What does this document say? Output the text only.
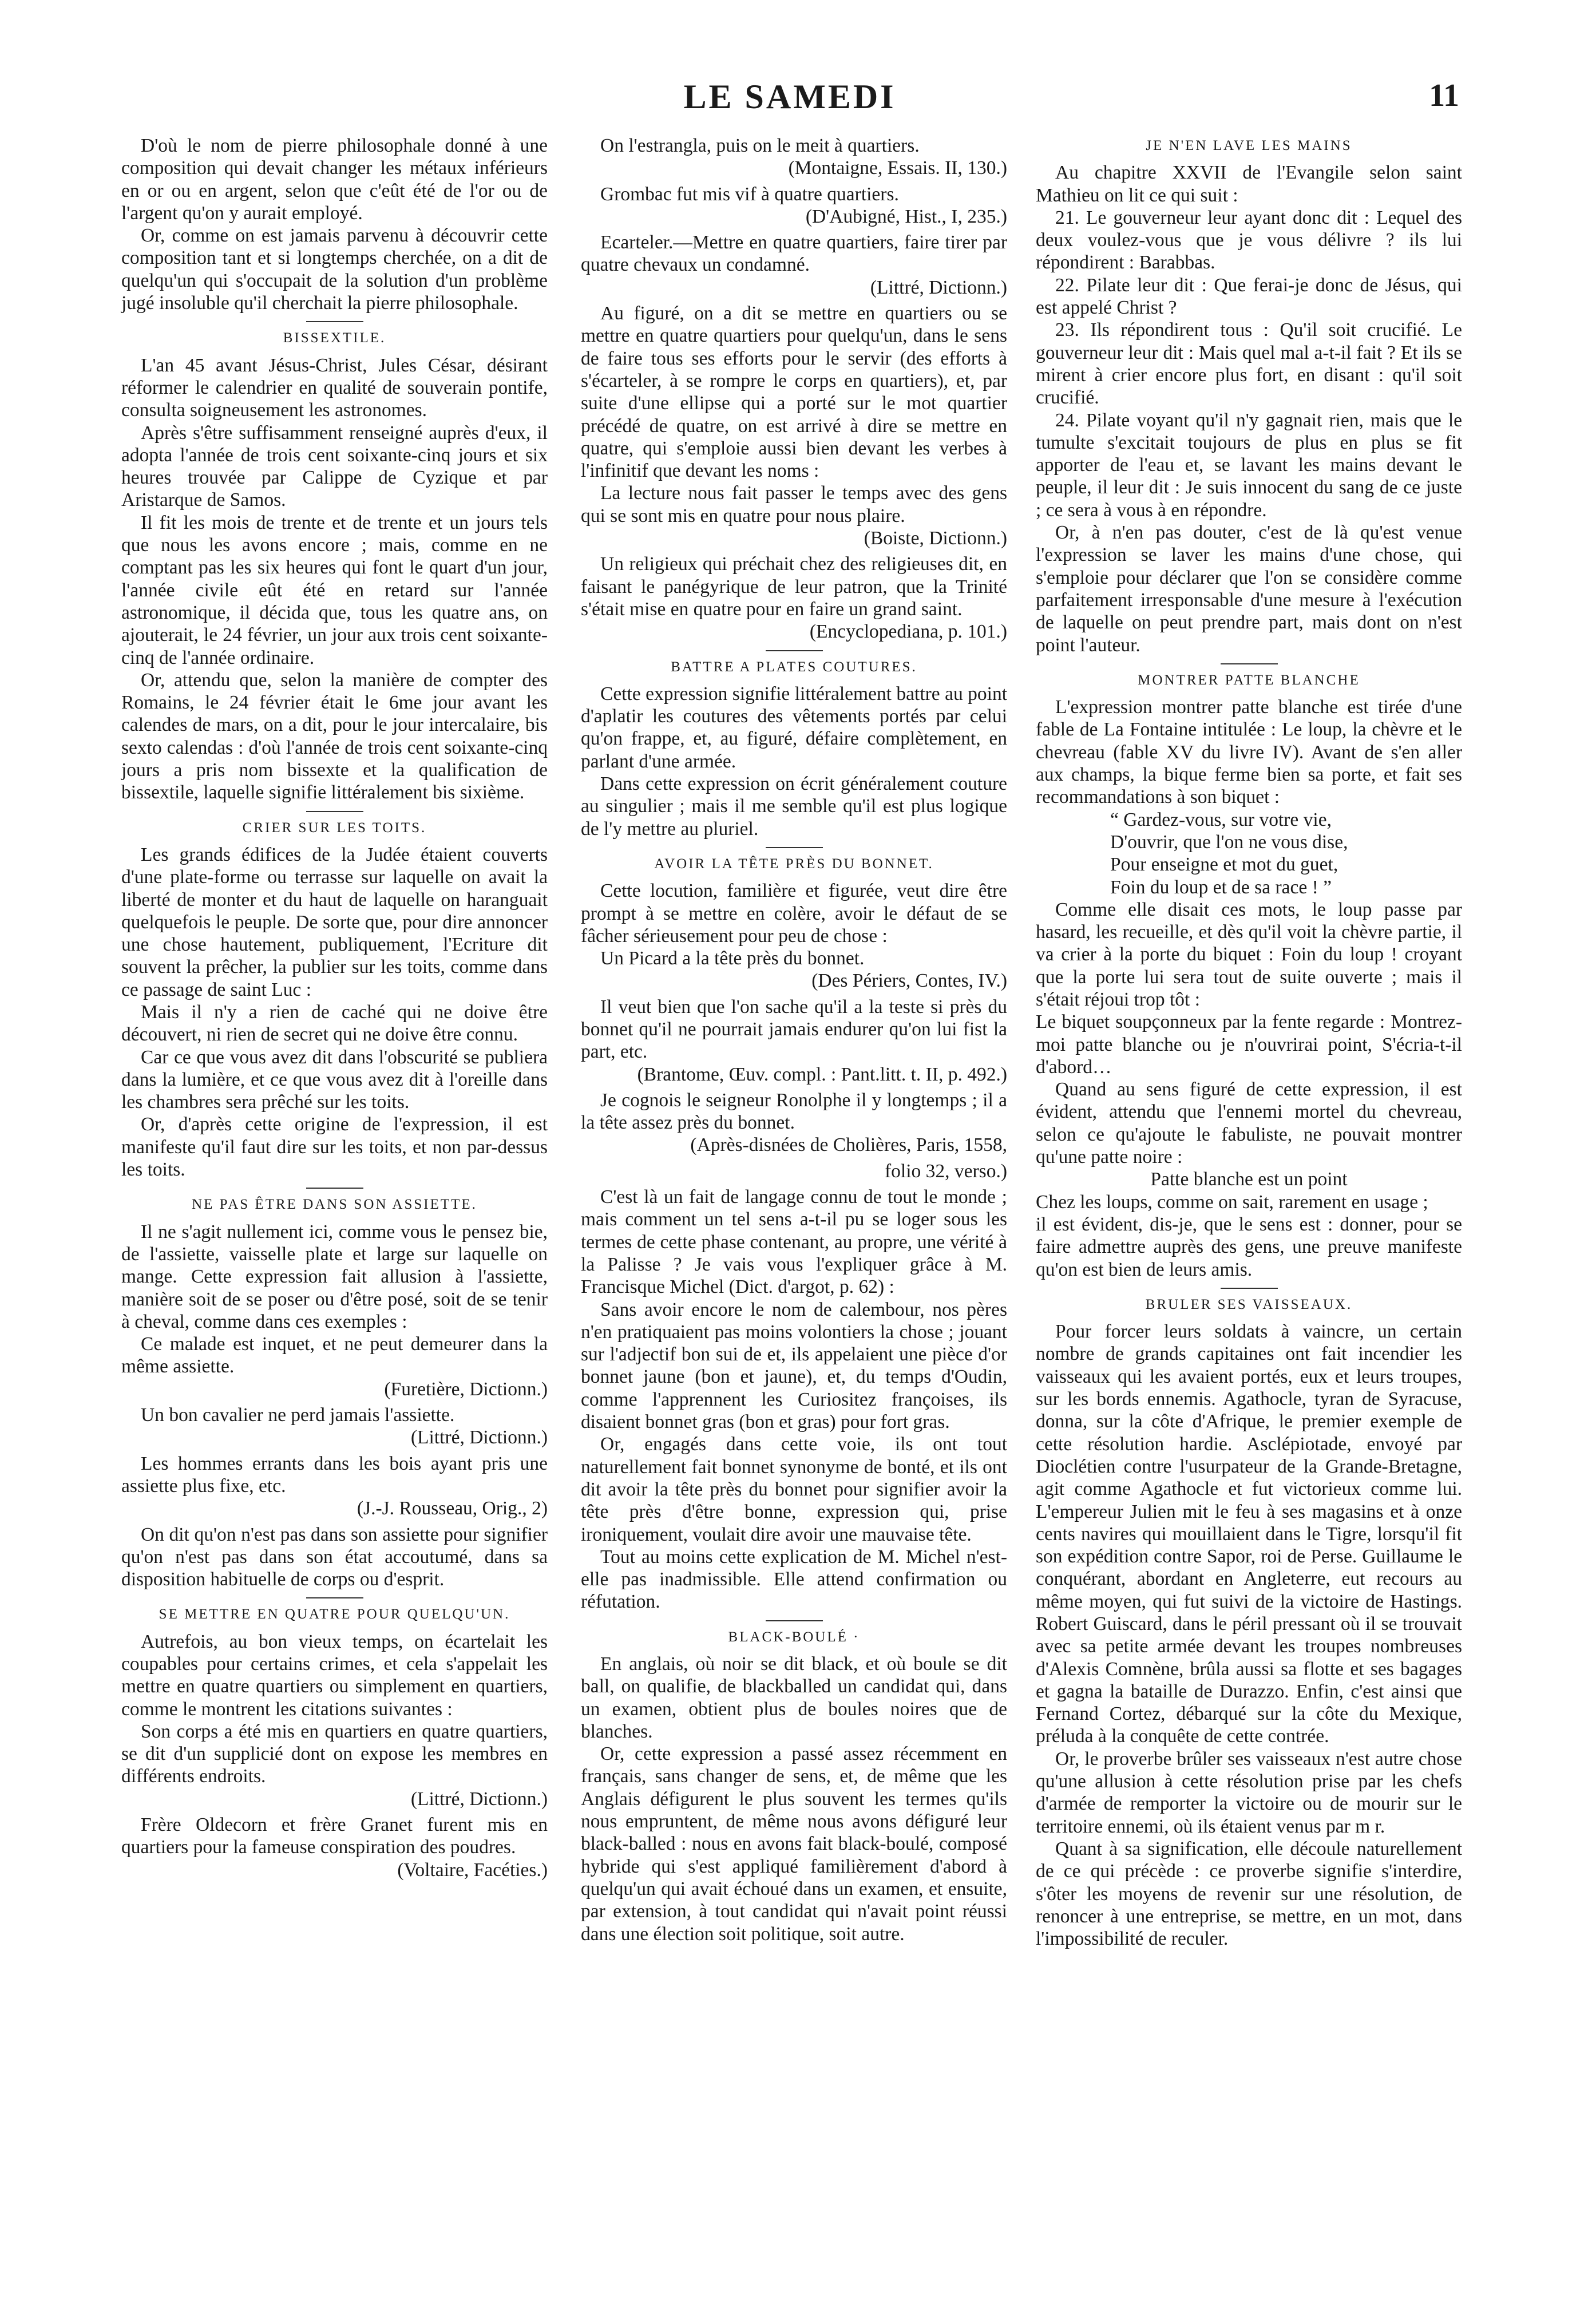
LE SAMEDI	11

D'où le nom de pierre philosophale donné à une composition qui devait changer les métaux inférieurs en or ou en argent, selon que c'eût été de l'or ou de l'argent qu'on y aurait employé.

Or, comme on est jamais parvenu à découvrir cette composition tant et si longtemps cherchée, on a dit de quelqu'un qui s'occupait de la solution d'un problème jugé insoluble qu'il cherchait la pierre philosophale.

BISSEXTILE.

L'an 45 avant Jésus-Christ, Jules César, désirant réformer le calendrier en qualité de souverain pontife, consulta soigneusement les astronomes.

Après s'être suffisamment renseigné auprès d'eux, il adopta l'année de trois cent soixante-cinq jours et six heures trouvée par Calippe de Cyzique et par Aristarque de Samos.

Il fit les mois de trente et de trente et un jours tels que nous les avons encore ; mais, comme en ne comptant pas les six heures qui font le quart d'un jour, l'année civile eût été en retard sur l'année astronomique, il décida que, tous les quatre ans, on ajouterait, le 24 février, un jour aux trois cent soixante-cinq de l'année ordinaire.

Or, attendu que, selon la manière de compter des Romains, le 24 février était le 6me jour avant les calendes de mars, on a dit, pour le jour intercalaire, bis sexto calendas : d'où l'année de trois cent soixante-cinq jours a pris nom bissexte et la qualification de bissextile, laquelle signifie littéralement bis sixième.

CRIER SUR LES TOITS.

Les grands édifices de la Judée étaient couverts d'une plate-forme ou terrasse sur laquelle on avait la liberté de monter et du haut de laquelle on haranguait quelquefois le peuple. De sorte que, pour dire annoncer une chose hautement, publiquement, l'Ecriture dit souvent la prêcher, la publier sur les toits, comme dans ce passage de saint Luc :

Mais il n'y a rien de caché qui ne doive être découvert, ni rien de secret qui ne doive être connu.

Car ce que vous avez dit dans l'obscurité se publiera dans la lumière, et ce que vous avez dit à l'oreille dans les chambres sera prêché sur les toits.

Or, d'après cette origine de l'expression, il est manifeste qu'il faut dire sur les toits, et non par-dessus les toits.

NE PAS ÊTRE DANS SON ASSIETTE.

Il ne s'agit nullement ici, comme vous le pensez bie, de l'assiette, vaisselle plate et large sur laquelle on mange. Cette expression fait allusion à l'assiette, manière soit de se poser ou d'être posé, soit de se tenir à cheval, comme dans ces exemples :

Ce malade est inquet, et ne peut demeurer dans la même assiette.

(Furetière, Dictionn.)

Un bon cavalier ne perd jamais l'assiette.

(Littré, Dictionn.)

Les hommes errants dans les bois ayant pris une assiette plus fixe, etc.

(J.-J. Rousseau, Orig., 2)

On dit qu'on n'est pas dans son assiette pour signifier qu'on n'est pas dans son état accoutumé, dans sa disposition habituelle de corps ou d'esprit.

SE METTRE EN QUATRE POUR QUELQU'UN.

Autrefois, au bon vieux temps, on écartelait les coupables pour certains crimes, et cela s'appelait les mettre en quatre quartiers ou simplement en quartiers, comme le montrent les citations suivantes :

Son corps a été mis en quartiers en quatre quartiers, se dit d'un supplicié dont on expose les membres en différents endroits.

(Littré, Dictionn.)

Frère Oldecorn et frère Granet furent mis en quartiers pour la fameuse conspiration des poudres.

(Voltaire, Facéties.)

On l'estrangla, puis on le meit à quartiers.

(Montaigne, Essais. II, 130.)

Grombac fut mis vif à quatre quartiers.

(D'Aubigné, Hist., I, 235.)

Ecarteler.—Mettre en quatre quartiers, faire tirer par quatre chevaux un condamné.

(Littré, Dictionn.)

Au figuré, on a dit se mettre en quartiers ou se mettre en quatre quartiers pour quelqu'un, dans le sens de faire tous ses efforts pour le servir (des efforts à s'écarteler, à se rompre le corps en quartiers), et, par suite d'une ellipse qui a porté sur le mot quartier précédé de quatre, on est arrivé à dire se mettre en quatre, qui s'emploie aussi bien devant les verbes à l'infinitif que devant les noms :

La lecture nous fait passer le temps avec des gens qui se sont mis en quatre pour nous plaire.

(Boiste, Dictionn.)

Un religieux qui préchait chez des religieuses dit, en faisant le panégyrique de leur patron, que la Trinité s'était mise en quatre pour en faire un grand saint.

(Encyclopediana, p. 101.)

BATTRE A PLATES COUTURES.

Cette expression signifie littéralement battre au point d'aplatir les coutures des vêtements portés par celui qu'on frappe, et, au figuré, défaire complètement, en parlant d'une armée.

Dans cette expression on écrit généralement couture au singulier ; mais il me semble qu'il est plus logique de l'y mettre au pluriel.

AVOIR LA TÊTE PRÈS DU BONNET.

Cette locution, familière et figurée, veut dire être prompt à se mettre en colère, avoir le défaut de se fâcher sérieusement pour peu de chose :

Un Picard a la tête près du bonnet.

(Des Périers, Contes, IV.)

Il veut bien que l'on sache qu'il a la teste si près du bonnet qu'il ne pourrait jamais endurer qu'on lui fist la part, etc.

(Brantome, Œuv. compl. : Pant.litt. t. II, p. 492.)

Je cognois le seigneur Ronolphe il y longtemps ; il a la tête assez près du bonnet.

(Après-disnées de Cholières, Paris, 1558,

folio 32, verso.)

C'est là un fait de langage connu de tout le monde ; mais comment un tel sens a-t-il pu se loger sous les termes de cette phase contenant, au propre, une vérité à la Palisse ? Je vais vous l'expliquer grâce à M. Francisque Michel (Dict. d'argot, p. 62) :

Sans avoir encore le nom de calembour, nos pères n'en pratiquaient pas moins volontiers la chose ; jouant sur l'adjectif bon sui de et, ils appelaient une pièce d'or bonnet jaune (bon et jaune), et, du temps d'Oudin, comme l'apprennent les Curiositez françoises, ils disaient bonnet gras (bon et gras) pour fort gras.

Or, engagés dans cette voie, ils ont tout naturellement fait bonnet synonyme de bonté, et ils ont dit avoir la tête près du bonnet pour signifier avoir la tête près d'être bonne, expression qui, prise ironiquement, voulait dire avoir une mauvaise tête.

Tout au moins cette explication de M. Michel n'est-elle pas inadmissible. Elle attend confirmation ou réfutation.

BLACK-BOULÉ ·

En anglais, où noir se dit black, et où boule se dit ball, on qualifie, de blackballed un candidat qui, dans un examen, obtient plus de boules noires que de blanches.

Or, cette expression a passé assez récemment en français, sans changer de sens, et, de même que les Anglais défigurent le plus souvent les termes qu'ils nous empruntent, de même nous avons défiguré leur black-balled : nous en avons fait black-boulé, composé hybride qui s'est appliqué familièrement d'abord à quelqu'un qui avait échoué dans un examen, et ensuite, par extension, à tout candidat qui n'avait point réussi dans une élection soit politique, soit autre.

JE N'EN LAVE LES MAINS

Au chapitre XXVII de l'Evangile selon saint Mathieu on lit ce qui suit :

21. Le gouverneur leur ayant donc dit : Lequel des deux voulez-vous que je vous délivre ? ils lui répondirent : Barabbas.

22. Pilate leur dit : Que ferai-je donc de Jésus, qui est appelé Christ ?

23. Ils répondirent tous : Qu'il soit crucifié. Le gouverneur leur dit : Mais quel mal a-t-il fait ? Et ils se mirent à crier encore plus fort, en disant : qu'il soit crucifié.

24. Pilate voyant qu'il n'y gagnait rien, mais que le tumulte s'excitait toujours de plus en plus se fit apporter de l'eau et, se lavant les mains devant le peuple, il leur dit : Je suis innocent du sang de ce juste ; ce sera à vous à en répondre.

Or, à n'en pas douter, c'est de là qu'est venue l'expression se laver les mains d'une chose, qui s'emploie pour déclarer que l'on se considère comme parfaitement irresponsable d'une mesure à l'exécution de laquelle on peut prendre part, mais dont on n'est point l'auteur.

MONTRER PATTE BLANCHE

L'expression montrer patte blanche est tirée d'une fable de La Fontaine intitulée : Le loup, la chèvre et le chevreau (fable XV du livre IV). Avant de s'en aller aux champs, la bique ferme bien sa porte, et fait ses recommandations à son biquet :

“ Gardez-vous, sur votre vie,

D'ouvrir, que l'on ne vous dise,

Pour enseigne et mot du guet,

Foin du loup et de sa race ! ”

Comme elle disait ces mots, le loup passe par hasard, les recueille, et dès qu'il voit la chèvre partie, il va crier à la porte du biquet : Foin du loup ! croyant que la porte lui sera tout de suite ouverte ; mais il s'était réjoui trop tôt :

Le biquet soupçonneux par la fente regarde : Montrez-moi patte blanche ou je n'ouvrirai point, S'écria-t-il d'abord…

Quand au sens figuré de cette expression, il est évident, attendu que l'ennemi mortel du chevreau, selon ce qu'ajoute le fabuliste, ne pouvait montrer qu'une patte noire :

Patte blanche est un point

Chez les loups, comme on sait, rarement en usage ;

il est évident, dis-je, que le sens est : donner, pour se faire admettre auprès des gens, une preuve manifeste qu'on est bien de leurs amis.

BRULER SES VAISSEAUX.

Pour forcer leurs soldats à vaincre, un certain nombre de grands capitaines ont fait incendier les vaisseaux qui les avaient portés, eux et leurs troupes, sur les bords ennemis. Agathocle, tyran de Syracuse, donna, sur la côte d'Afrique, le premier exemple de cette résolution hardie. Asclépiotade, envoyé par Dioclétien contre l'usurpateur de la Grande-Bretagne, agit comme Agathocle et fut victorieux comme lui. L'empereur Julien mit le feu à ses magasins et à onze cents navires qui mouillaient dans le Tigre, lorsqu'il fit son expédition contre Sapor, roi de Perse. Guillaume le conquérant, abordant en Angleterre, eut recours au même moyen, qui fut suivi de la victoire de Hastings. Robert Guiscard, dans le péril pressant où il se trouvait avec sa petite armée devant les troupes nombreuses d'Alexis Comnène, brûla aussi sa flotte et ses bagages et gagna la bataille de Durazzo. Enfin, c'est ainsi que Fernand Cortez, débarqué sur la côte du Mexique, préluda à la conquête de cette contrée.

Or, le proverbe brûler ses vaisseaux n'est autre chose qu'une allusion à cette résolution prise par les chefs d'armée de remporter la victoire ou de mourir sur le territoire ennemi, où ils étaient venus par m r.

Quant à sa signification, elle découle naturellement de ce qui précède : ce proverbe signifie s'interdire, s'ôter les moyens de revenir sur une résolution, de renoncer à une entreprise, se mettre, en un mot, dans l'impossibilité de reculer.
